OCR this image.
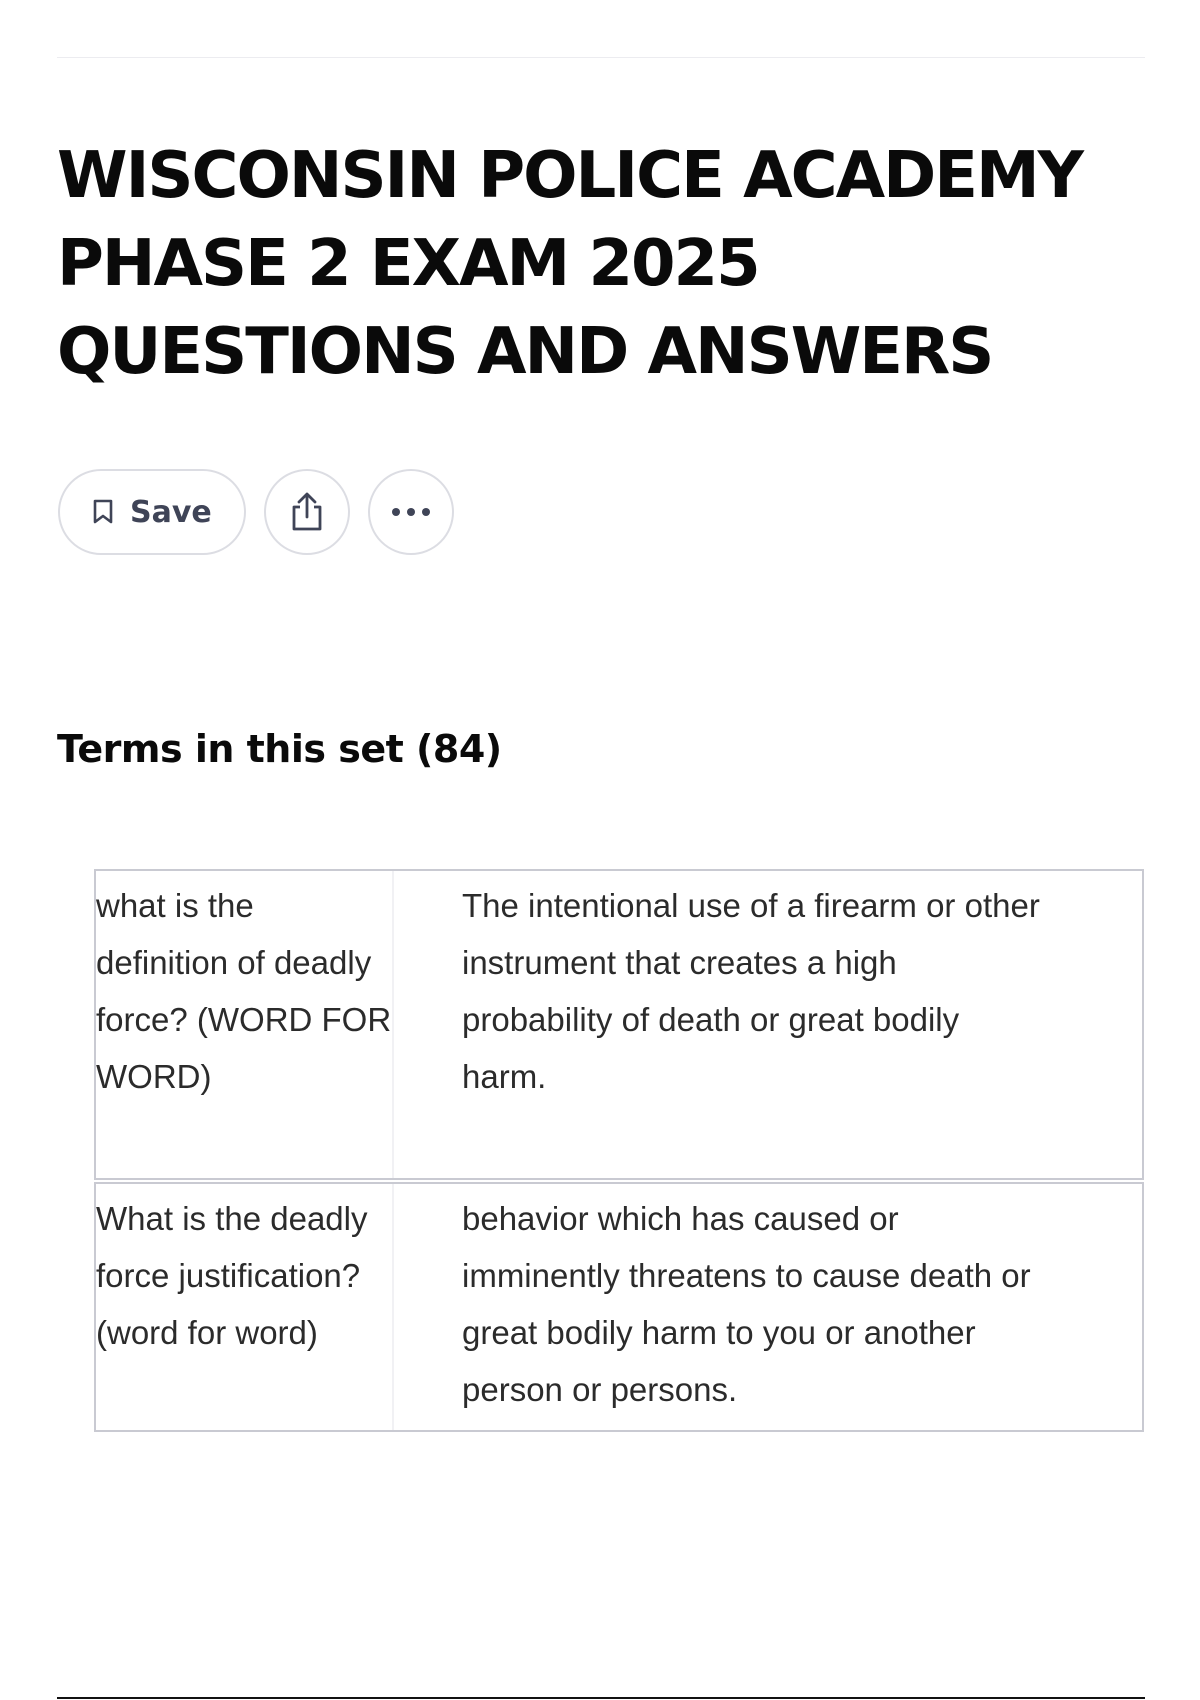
WISCONSIN POLICE ACADEMY PHASE 2 EXAM 2025 QUESTIONS AND ANSWERS
Save
Terms in this set (84)
what is the definition of deadly force? (WORD FOR WORD)
The intentional use of a firearm or other instrument that creates a high probability of death or great bodily harm.
What is the deadly force justification? (word for word)
behavior which has caused or imminently threatens to cause death or great bodily harm to you or another person or persons.
